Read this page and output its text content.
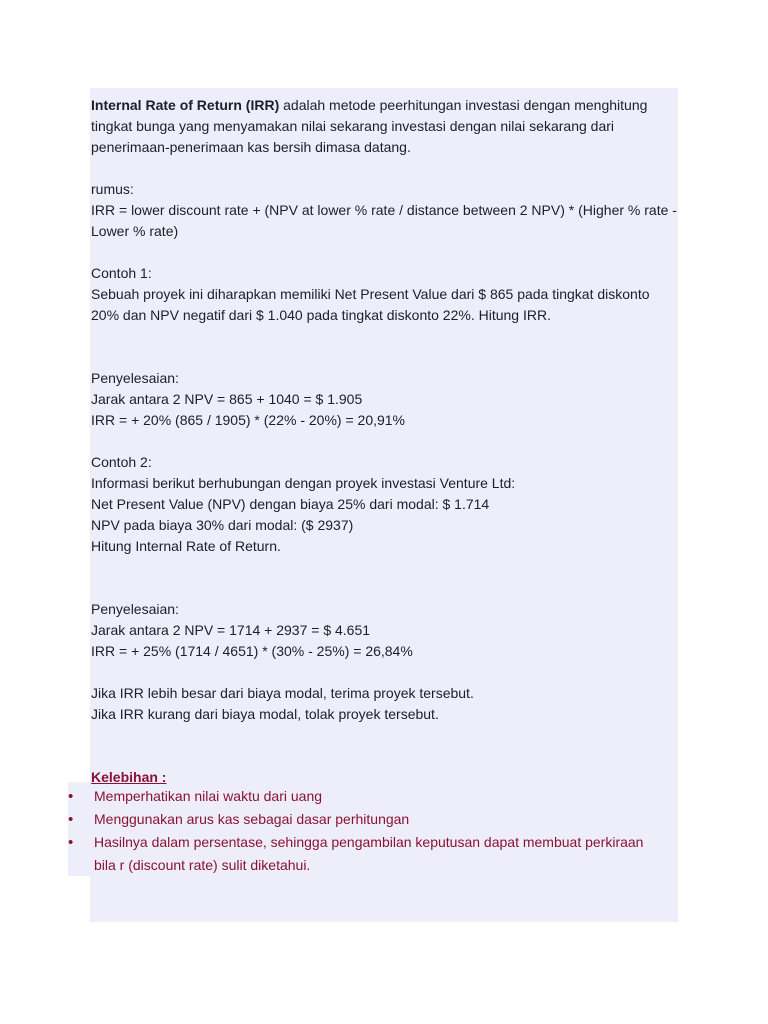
Internal Rate of Return (IRR) adalah metode peerhitungan investasi dengan menghitung tingkat bunga yang menyamakan nilai sekarang investasi dengan nilai sekarang dari penerimaan-penerimaan kas bersih dimasa datang.

rumus:

IRR = lower discount rate + (NPV at lower % rate / distance between 2 NPV) * (Higher % rate - Lower % rate)

Contoh 1:

Sebuah proyek ini diharapkan memiliki Net Present Value dari $ 865 pada tingkat diskonto 20% dan NPV negatif dari $ 1.040 pada tingkat diskonto 22%. Hitung IRR.

Penyelesaian:

Jarak antara 2 NPV = 865 + 1040 = $ 1.905

IRR = + 20% (865 / 1905) * (22% - 20%) = 20,91%

Contoh 2:

Informasi berikut berhubungan dengan proyek investasi Venture Ltd:

Net Present Value (NPV) dengan biaya 25% dari modal: $ 1.714

NPV pada biaya 30% dari modal: ($ 2937)

Hitung Internal Rate of Return.

Penyelesaian:

Jarak antara 2 NPV = 1714 + 2937 = $ 4.651

IRR = + 25% (1714 / 4651) * (30% - 25%) = 26,84%

Jika IRR lebih besar dari biaya modal, terima proyek tersebut.

Jika IRR kurang dari biaya modal, tolak proyek tersebut.

Kelebihan :

• Memperhatikan nilai waktu dari uang
• Menggunakan arus kas sebagai dasar perhitungan
• Hasilnya dalam persentase, sehingga pengambilan keputusan dapat membuat perkiraan bila r (discount rate) sulit diketahui.
